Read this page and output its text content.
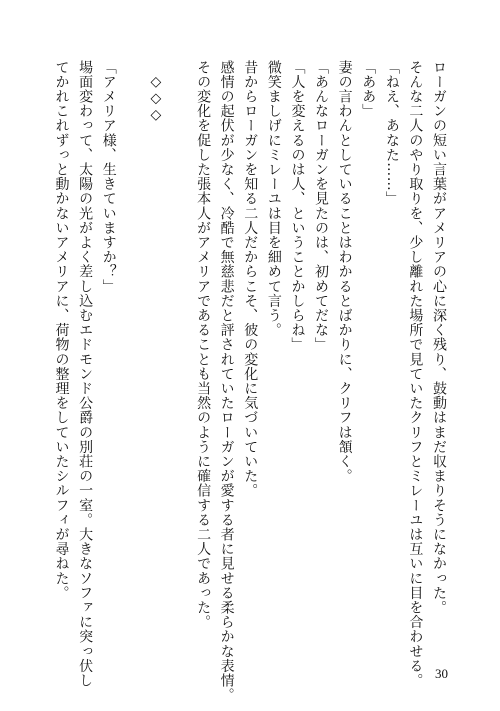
ローガンの短い言葉がアメリアの心に深く残り、鼓動はまだ収まりそうになかった。
そんな二人のやり取りを、少し離れた場所で見ていたクリフとミレーユは互いに目を合わせる。
「ねえ、あなた……」
「ああ」
妻の言わんとしていることはわかるとばかりに、クリフは頷く。
「あんなローガンを見たのは、初めてだな」
「人を変えるのは人、ということかしらね」
微笑ましげにミレーユは目を細めて言う。
昔からローガンを知る二人だからこそ、彼の変化に気づいていた。
感情の起伏が少なく、冷酷で無慈悲だと評されていたローガンが愛する者に見せる柔らかな表情。
その変化を促した張本人がアメリアであることも当然のように確信する二人であった。

◇◇◇

「アメリア様、生きていますか？」
場面変わって、太陽の光がよく差し込むエドモンド公爵の別荘の一室。大きなソファに突っ伏し
てかれこれずっと動かないアメリアに、荷物の整理をしていたシルフィが尋ねた。
30
